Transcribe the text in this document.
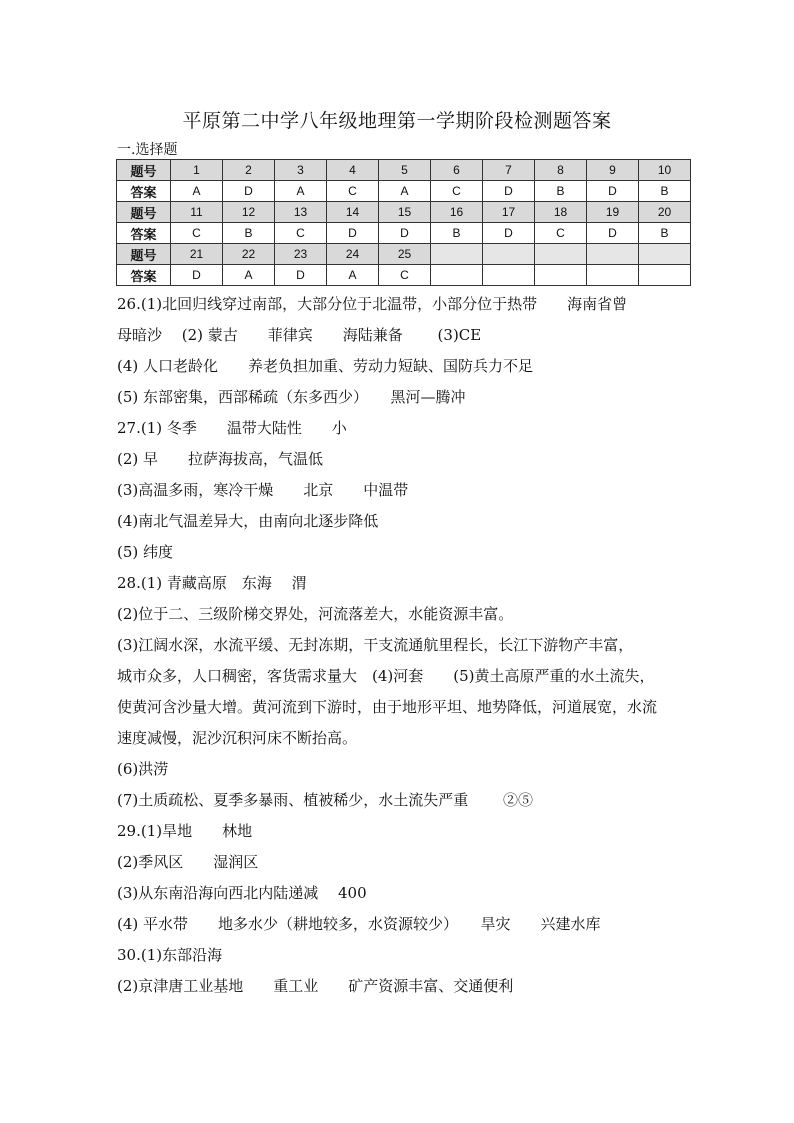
平原第二中学八年级地理第一学期阶段检测题答案
一.选择题
题号	1	2	3	4	5	6	7	8	9	10
答案	A	D	A	C	A	C	D	B	D	B
题号	11	12	13	14	15	16	17	18	19	20
答案	C	B	C	D	D	B	D	C	D	B
题号	21	22	23	24	25					
答案	D	A	D	A	C					
26.(1)北回归线穿过南部，大部分位于北温带，小部分位于热带　　海南省曾
母暗沙　 (2) 蒙古　　菲律宾　　海陆兼备　　 (3)CE
(4) 人口老龄化　　养老负担加重、劳动力短缺、国防兵力不足
(5) 东部密集，西部稀疏（东多西少）　　黑河—腾冲
27.(1) 冬季　　温带大陆性　　小
(2) 早　　拉萨海拔高，气温低
(3)高温多雨，寒冷干燥　　北京　　中温带
(4)南北气温差异大，由南向北逐步降低
(5) 纬度
28.(1) 青藏高原　东海　 渭
(2)位于二、三级阶梯交界处，河流落差大，水能资源丰富。
(3)江阔水深，水流平缓、无封冻期，干支流通航里程长，长江下游物产丰富，
城市众多，人口稠密，客货需求量大　(4)河套　　(5)黄土高原严重的水土流失，
使黄河含沙量大增。黄河流到下游时，由于地形平坦、地势降低，河道展宽，水流
速度减慢，泥沙沉积河床不断抬高。
(6)洪涝
(7)土质疏松、夏季多暴雨、植被稀少，水土流失严重　　 ②⑤
29.(1)旱地　　林地
(2)季风区　　湿润区
(3)从东南沿海向西北内陆递减　 400
(4) 平水带　　地多水少（耕地较多，水资源较少）　　旱灾　　兴建水库
30.(1)东部沿海
(2)京津唐工业基地　　重工业　　矿产资源丰富、交通便利
